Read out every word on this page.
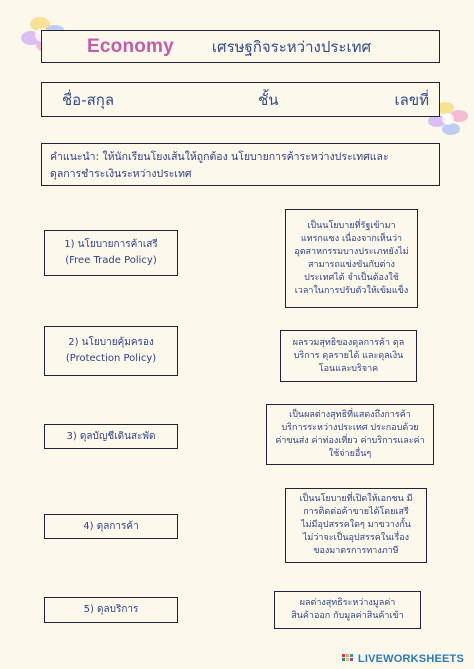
Economy	เศรษฐกิจระหว่างประเทศ
ชื่อ-สกุล	ชั้น	เลขที่
คำแนะนำ: ให้นักเรียนโยงเส้นให้ถูกต้อง นโยบายการค้าระหว่างประเทศและดุลการชำระเงินระหว่างประเทศ
1) นโยบายการค้าเสรี
(Free Trade Policy)
2) นโยบายคุ้มครอง
(Protection Policy)
3) ดุลบัญชีเดินสะพัด
4) ดุลการค้า
5) ดุลบริการ
เป็นนโยบายที่รัฐเข้ามา
แทรกแซง เนื่องจากเห็นว่า
อุตสาหกรรมบางประเภทยังไม่
สามารถแข่งขันกับต่าง
ประเทศได้ จำเป็นต้องใช้
เวลาในการปรับตัวให้เข้มแข็ง
ผลรวมสุทธิของดุลการค้า ดุล
บริการ ดุลรายได้ และดุลเงิน
โอนและบริจาค
เป็นผลต่างสุทธิที่แสดงถึงการค้า
บริการระหว่างประเทศ ประกอบด้วย
ค่าขนส่ง ค่าท่องเที่ยว ค่าบริการและค่า
ใช้จ่ายอื่นๆ
เป็นนโยบายที่เปิดให้เอกชน มี
การติดต่อค้าขายได้โดยเสรี
ไม่มีอุปสรรคใดๆ มาขวางกั้น
ไม่ว่าจะเป็นอุปสรรคในเรื่อง
ของมาตรการทางภาษี
ผลต่างสุทธิระหว่างมูลค่า
สินค้าออก กับมูลค่าสินค้าเข้า
LIVEWORKSHEETS
